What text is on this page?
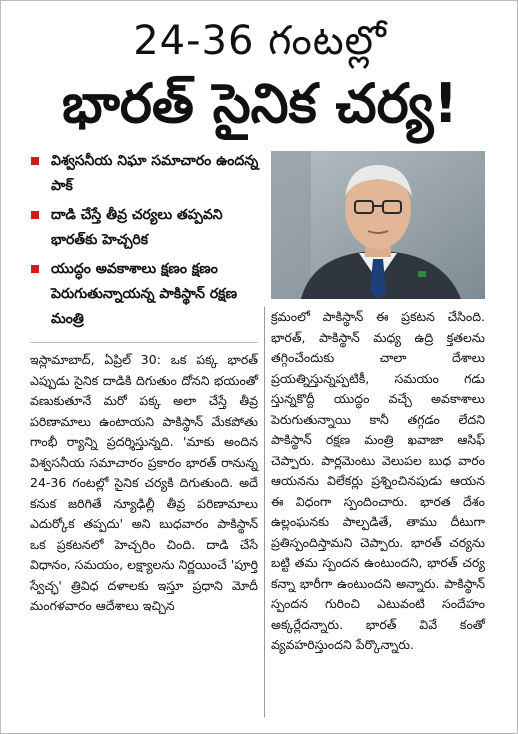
24-36 గంటల్లో
భారత్ సైనిక చర్య!
విశ్వసనీయ నిఘా సమాచారం ఉందన్న పాక్
దాడి చేస్తే తీవ్ర చర్యలు తప్పవని భారత్‌కు హెచ్చరిక
యుద్ధం అవకాశాలు క్షణం క్షణం పెరుగుతున్నాయన్న పాకిస్థాన్ రక్షణ మంత్రి
ఇస్లామాబాద్, ఏప్రిల్ 30: ఒక పక్క భారత్ ఎప్పుడు సైనిక దాడికి దిగుతుం దోనని భయంతో వణుకుతూనే మరో పక్క అలా చేస్తే తీవ్ర పరిణామాలు ఉంటాయని పాకిస్థాన్ మేకపోతు గాంభీ ర్యాన్ని ప్రదర్శిస్తున్నది. 'మాకు అందిన విశ్వసనీయ సమాచారం ప్రకారం భారత్ రానున్న 24-36 గంటల్లో సైనిక చర్యకి దిగుతుంది. అదే కనుక జరిగితే న్యూఢిల్లీ తీవ్ర పరిణామాలు ఎదుర్కోక తప్పదు' అని బుధవారం పాకిస్థాన్ ఒక ప్రకటనలో హెచ్చరిం చింది. దాడి చేసే విధానం, సమయం, లక్ష్యాలను నిర్ణయించే 'పూర్తి స్వేచ్ఛ' త్రివిధ దళాలకు ఇస్తూ ప్రధాని మోదీ మంగళవారం ఆదేశాలు ఇచ్చిన
క్రమంలో పాకిస్థాన్ ఈ ప్రకటన చేసింది. భారత్, పాకిస్థాన్ మధ్య ఉద్రి క్తతలను తగ్గించేందుకు చాలా దేశాలు ప్రయత్నిస్తున్నప్పటికీ, సమయం గడు స్తున్నకొద్దీ యుద్ధం వచ్చే అవకాశాలు పెరుగుతున్నాయి కానీ తగ్గడం లేదని పాకిస్థాన్ రక్షణ మంత్రి ఖవాజా ఆసిఫ్ చెప్పారు. పార్లమెంటు వెలుపల బుధ వారం ఆయనను విలేకర్లు ప్రశ్నించినపుడు ఆయన ఈ విధంగా స్పందించారు. భారత దేశం ఉల్లంఘనకు పాల్పడితే, తాము దీటుగా ప్రతిస్పందిస్తామని చెప్పారు. భారత్ చర్యను బట్టి తమ స్పందన ఉంటుందని, భారత్ చర్య కన్నా భారీగా ఉంటుందని అన్నారు. పాకిస్థాన్ స్పందన గురించి ఎటువంటి సందేహం అక్కర్లేదన్నారు. భారత్ వివే కంతో వ్యవహరిస్తుందని పేర్కొన్నారు.
